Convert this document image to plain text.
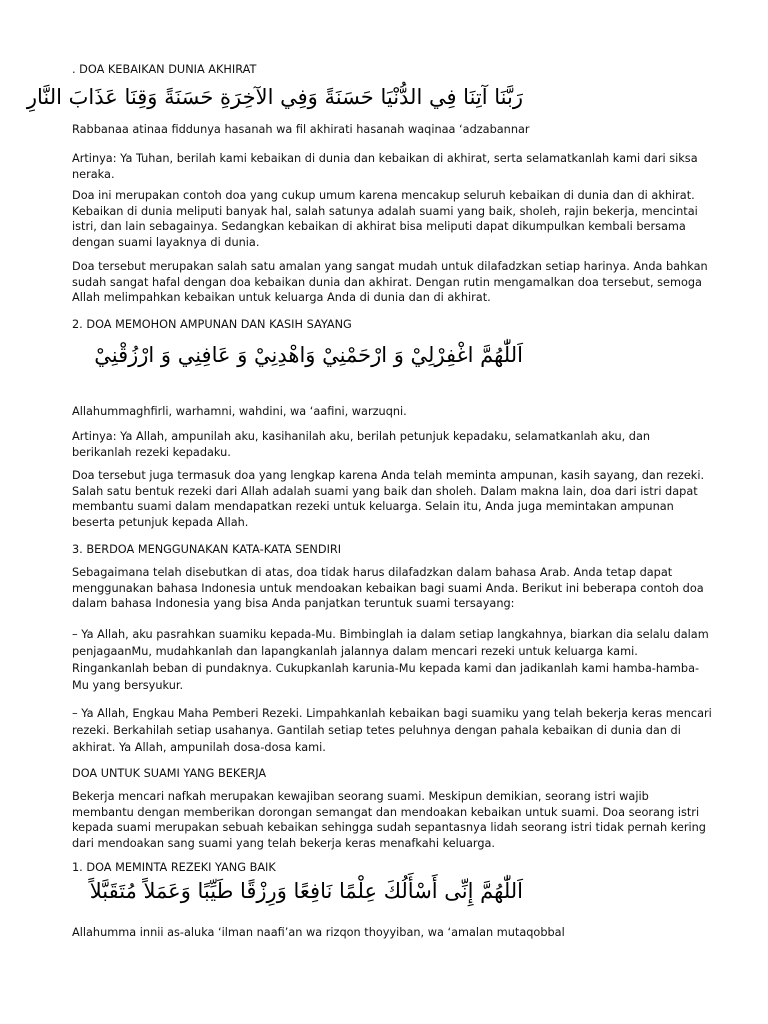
. DOA KEBAIKAN DUNIA AKHIRAT
رَبَّنَا آتِنَا فِي الدُّنْيَا حَسَنَةً وَفِي الآخِرَةِ حَسَنَةً وَقِنَا عَذَابَ النَّارِ
Rabbanaa atinaa fiddunya hasanah wa fil akhirati hasanah waqinaa ‘adzabannar
Artinya: Ya Tuhan, berilah kami kebaikan di dunia dan kebaikan di akhirat, serta selamatkanlah kami dari siksa neraka.
Doa ini merupakan contoh doa yang cukup umum karena mencakup seluruh kebaikan di dunia dan di akhirat. Kebaikan di dunia meliputi banyak hal, salah satunya adalah suami yang baik, sholeh, rajin bekerja, mencintai istri, dan lain sebagainya. Sedangkan kebaikan di akhirat bisa meliputi dapat dikumpulkan kembali bersama dengan suami layaknya di dunia.
Doa tersebut merupakan salah satu amalan yang sangat mudah untuk dilafadzkan setiap harinya. Anda bahkan sudah sangat hafal dengan doa kebaikan dunia dan akhirat. Dengan rutin mengamalkan doa tersebut, semoga Allah melimpahkan kebaikan untuk keluarga Anda di dunia dan di akhirat.
2. DOA MEMOHON AMPUNAN DAN KASIH SAYANG
اَللّٰهُمَّ اغْفِرْلِيْ وَ ارْحَمْنِيْ وَاهْدِنِيْ وَ عَافِنِي وَ ارْزُقْنِيْ
Allahummaghfirli, warhamni, wahdini, wa ‘aafini, warzuqni.
Artinya: Ya Allah, ampunilah aku, kasihanilah aku, berilah petunjuk kepadaku, selamatkanlah aku, dan berikanlah rezeki kepadaku.
Doa tersebut juga termasuk doa yang lengkap karena Anda telah meminta ampunan, kasih sayang, dan rezeki. Salah satu bentuk rezeki dari Allah adalah suami yang baik dan sholeh. Dalam makna lain, doa dari istri dapat membantu suami dalam mendapatkan rezeki untuk keluarga. Selain itu, Anda juga memintakan ampunan beserta petunjuk kepada Allah.
3. BERDOA MENGGUNAKAN KATA-KATA SENDIRI
Sebagaimana telah disebutkan di atas, doa tidak harus dilafadzkan dalam bahasa Arab. Anda tetap dapat menggunakan bahasa Indonesia untuk mendoakan kebaikan bagi suami Anda. Berikut ini beberapa contoh doa dalam bahasa Indonesia yang bisa Anda panjatkan teruntuk suami tersayang:
– Ya Allah, aku pasrahkan suamiku kepada-Mu. Bimbinglah ia dalam setiap langkahnya, biarkan dia selalu dalam penjagaanMu, mudahkanlah dan lapangkanlah jalannya dalam mencari rezeki untuk keluarga kami. Ringankanlah beban di pundaknya. Cukupkanlah karunia-Mu kepada kami dan jadikanlah kami hamba-hamba-Mu yang bersyukur.
– Ya Allah, Engkau Maha Pemberi Rezeki. Limpahkanlah kebaikan bagi suamiku yang telah bekerja keras mencari rezeki. Berkahilah setiap usahanya. Gantilah setiap tetes peluhnya dengan pahala kebaikan di dunia dan di akhirat. Ya Allah, ampunilah dosa-dosa kami.
DOA UNTUK SUAMI YANG BEKERJA
Bekerja mencari nafkah merupakan kewajiban seorang suami. Meskipun demikian, seorang istri wajib membantu dengan memberikan dorongan semangat dan mendoakan kebaikan untuk suami. Doa seorang istri kepada suami merupakan sebuah kebaikan sehingga sudah sepantasnya lidah seorang istri tidak pernah kering dari mendoakan sang suami yang telah bekerja keras menafkahi keluarga.
1. DOA MEMINTA REZEKI YANG BAIK
اَللّٰهُمَّ إِنِّى أَسْأَلُكَ عِلْمًا نَافِعًا وَرِزْقًا طَيِّبًا وَعَمَلاً مُتَقَبَّلاً
Allahumma innii as-aluka ‘ilman naafi’an wa rizqon thoyyiban, wa ‘amalan mutaqobbal
